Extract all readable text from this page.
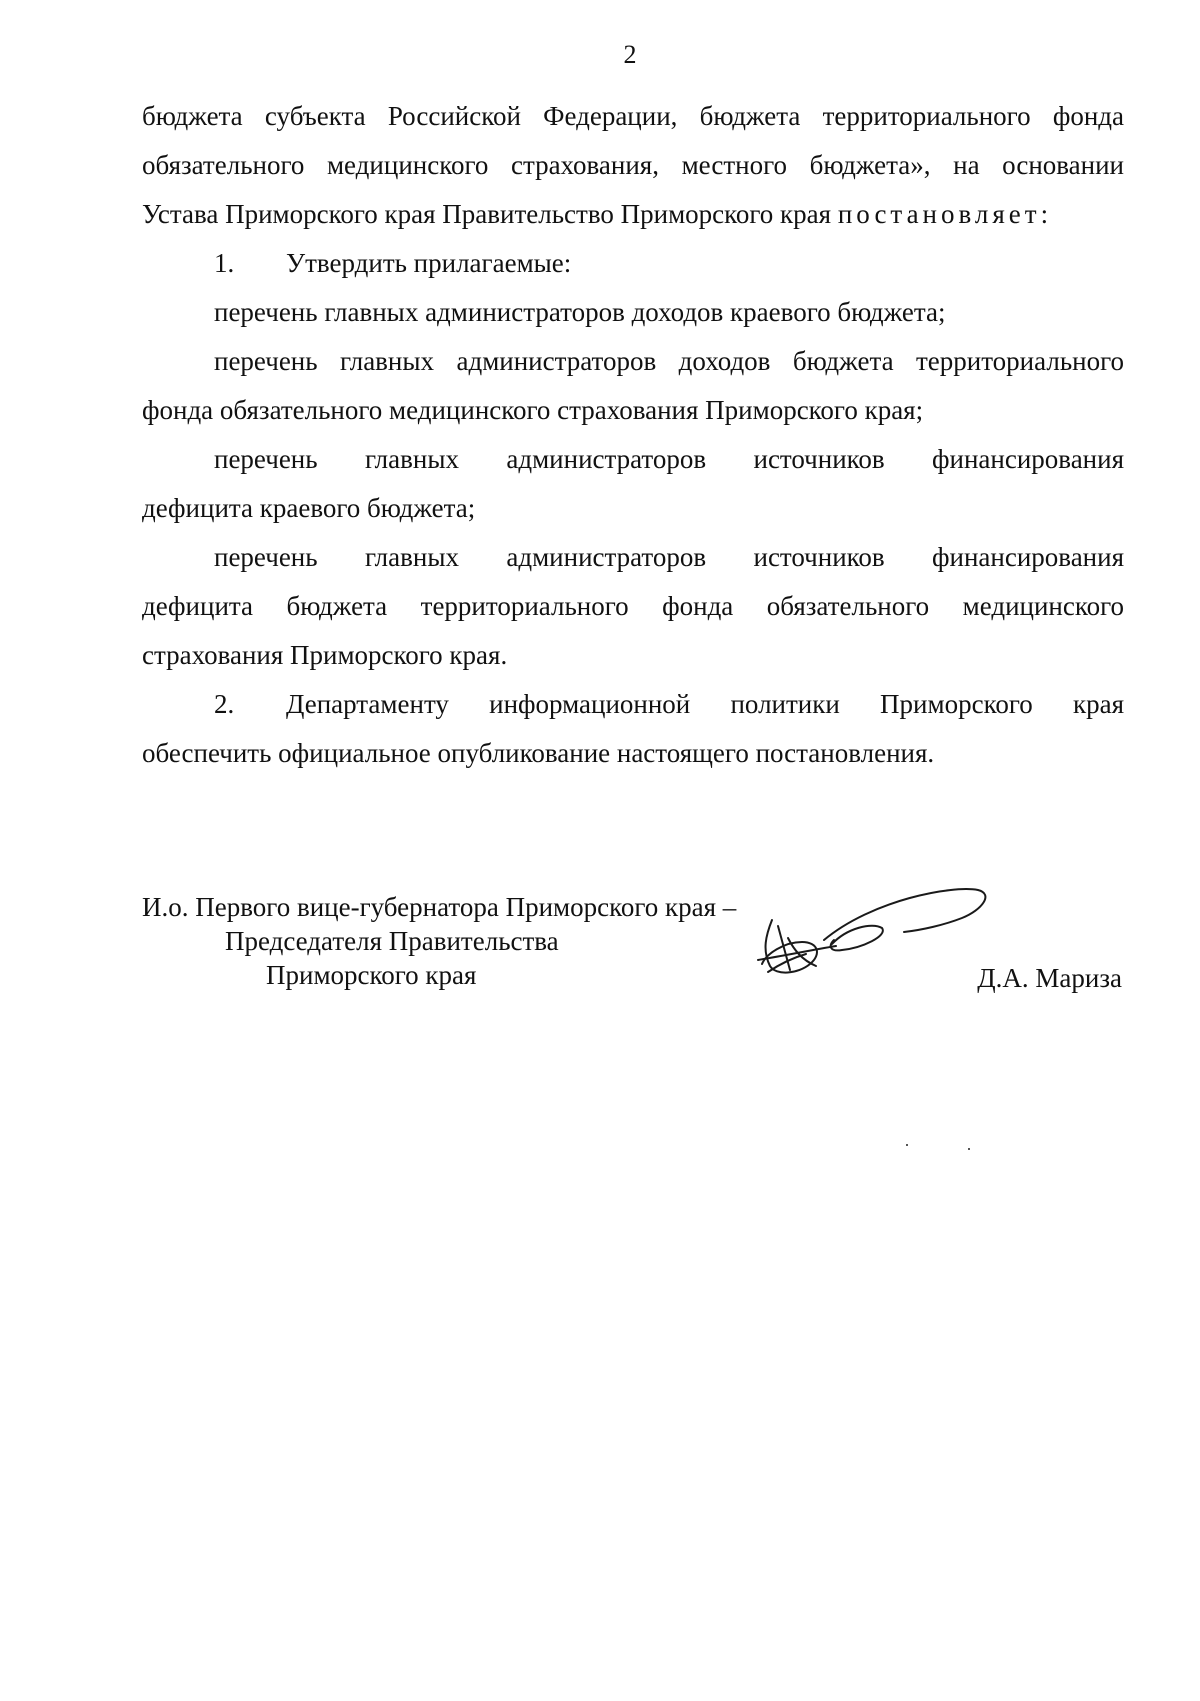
2
бюджета субъекта Российской Федерации, бюджета территориального фонда
обязательного медицинского страхования, местного бюджета», на основании
Устава Приморского края Правительство Приморского края постановляет:
1. Утвердить прилагаемые:
перечень главных администраторов доходов краевого бюджета;
перечень главных администраторов доходов бюджета территориального
фонда обязательного медицинского страхования Приморского края;
перечень главных администраторов источников финансирования
дефицита краевого бюджета;
перечень главных администраторов источников финансирования
дефицита бюджета территориального фонда обязательного медицинского
страхования Приморского края.
2. Департаменту информационной политики Приморского края
обеспечить официальное опубликование настоящего постановления.
И.о. Первого вице-губернатора Приморского края –
Председателя Правительства
Приморского края	Д.А. Мариза
